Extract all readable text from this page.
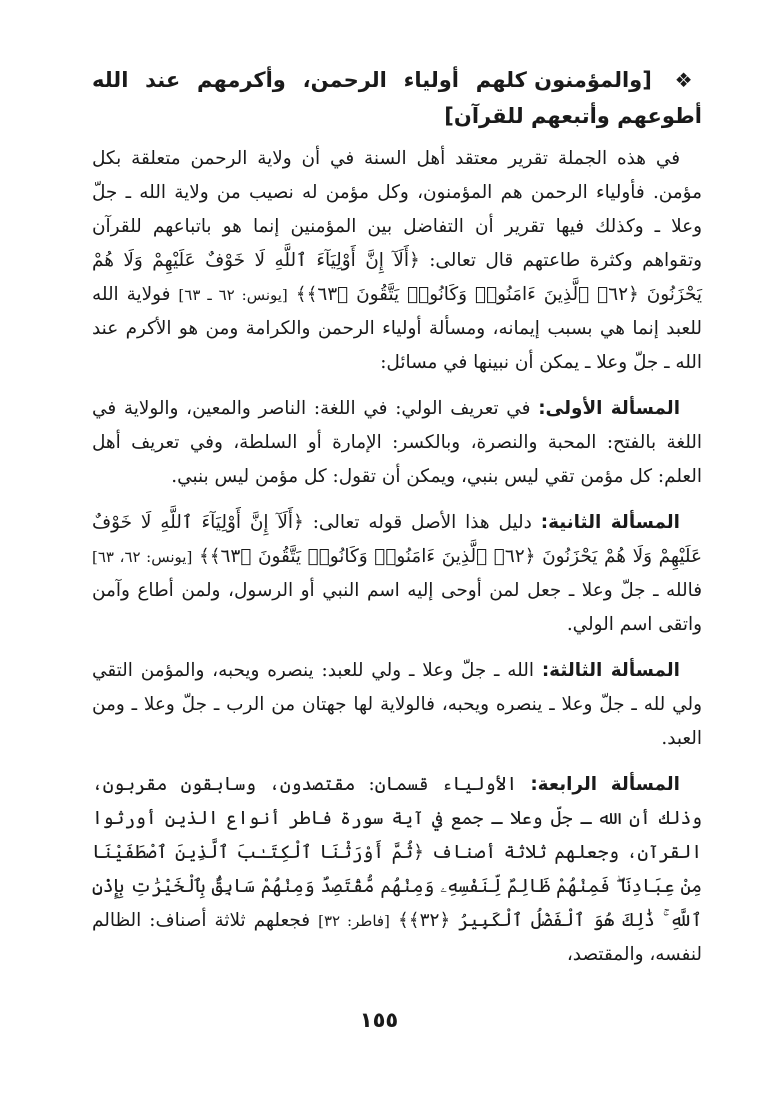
❖ [والمؤمنون كلهم أولياء الرحمن، وأكرمهم عند الله أطوعهم وأتبعهم للقرآن]

في هذه الجملة تقرير معتقد أهل السنة في أن ولاية الرحمن متعلقة بكل مؤمن. فأولياء الرحمن هم المؤمنون، وكل مؤمن له نصيب من ولاية الله ـ جلّ وعلا ـ وكذلك فيها تقرير أن التفاضل بين المؤمنين إنما هو باتباعهم للقرآن وتقواهم وكثرة طاعتهم قال تعالى: ﴿أَلَآ إِنَّ أَوْلِيَآءَ ٱللَّهِ لَا خَوْفٌ عَلَيْهِمْ وَلَا هُمْ يَحْزَنُونَ ﴿٦٢﴾ ٱلَّذِينَ ءَامَنُوا۟ وَكَانُوا۟ يَتَّقُونَ ﴿٦٣﴾﴾ [يونس: ٦٢ ـ ٦٣] فولاية الله للعبد إنما هي بسبب إيمانه، ومسألة أولياء الرحمن والكرامة ومن هو الأكرم عند الله ـ جلّ وعلا ـ يمكن أن نبينها في مسائل:

المسألة الأولى: في تعريف الولي: في اللغة: الناصر والمعين، والولاية في اللغة بالفتح: المحبة والنصرة، وبالكسر: الإمارة أو السلطة، وفي تعريف أهل العلم: كل مؤمن تقي ليس بنبي، ويمكن أن تقول: كل مؤمن ليس بنبي.

المسألة الثانية: دليل هذا الأصل قوله تعالى: ﴿أَلَآ إِنَّ أَوْلِيَآءَ ٱللَّهِ لَا خَوْفٌ عَلَيْهِمْ وَلَا هُمْ يَحْزَنُونَ ﴿٦٢﴾ ٱلَّذِينَ ءَامَنُوا۟ وَكَانُوا۟ يَتَّقُونَ ﴿٦٣﴾﴾ [يونس: ٦٢، ٦٣] فالله ـ جلّ وعلا ـ جعل لمن أوحى إليه اسم النبي أو الرسول، ولمن أطاع وآمن واتقى اسم الولي.

المسألة الثالثة: الله ـ جلّ وعلا ـ ولي للعبد: ينصره ويحبه، والمؤمن التقي ولي لله ـ جلّ وعلا ـ ينصره ويحبه، فالولاية لها جهتان من الرب ـ جلّ وعلا ـ ومن العبد.

المسألة الرابعة: الأولياء قسمان: مقتصدون، وسابقون مقربون، وذلك أن الله ـ جلّ وعلا ـ جمع في آية سورة فاطر أنواع الذين أورثوا القرآن، وجعلهم ثلاثة أصناف ﴿ثُمَّ أَوْرَثْنَا ٱلْكِتَـٰبَ ٱلَّذِينَ ٱصْطَفَيْنَا مِنْ عِبَادِنَا ۖ فَمِنْهُمْ ظَالِمٌ لِّنَفْسِهِۦ وَمِنْهُم مُّقْتَصِدٌ وَمِنْهُمْ سَابِقٌۢ بِٱلْخَيْرَٰتِ بِإِذْنِ ٱللَّهِ ۚ ذَٰلِكَ هُوَ ٱلْفَضْلُ ٱلْكَبِيرُ ﴿٣٢﴾﴾ [فاطر: ٣٢] فجعلهم ثلاثة أصناف: الظالم لنفسه، والمقتصد،

١٥٥
